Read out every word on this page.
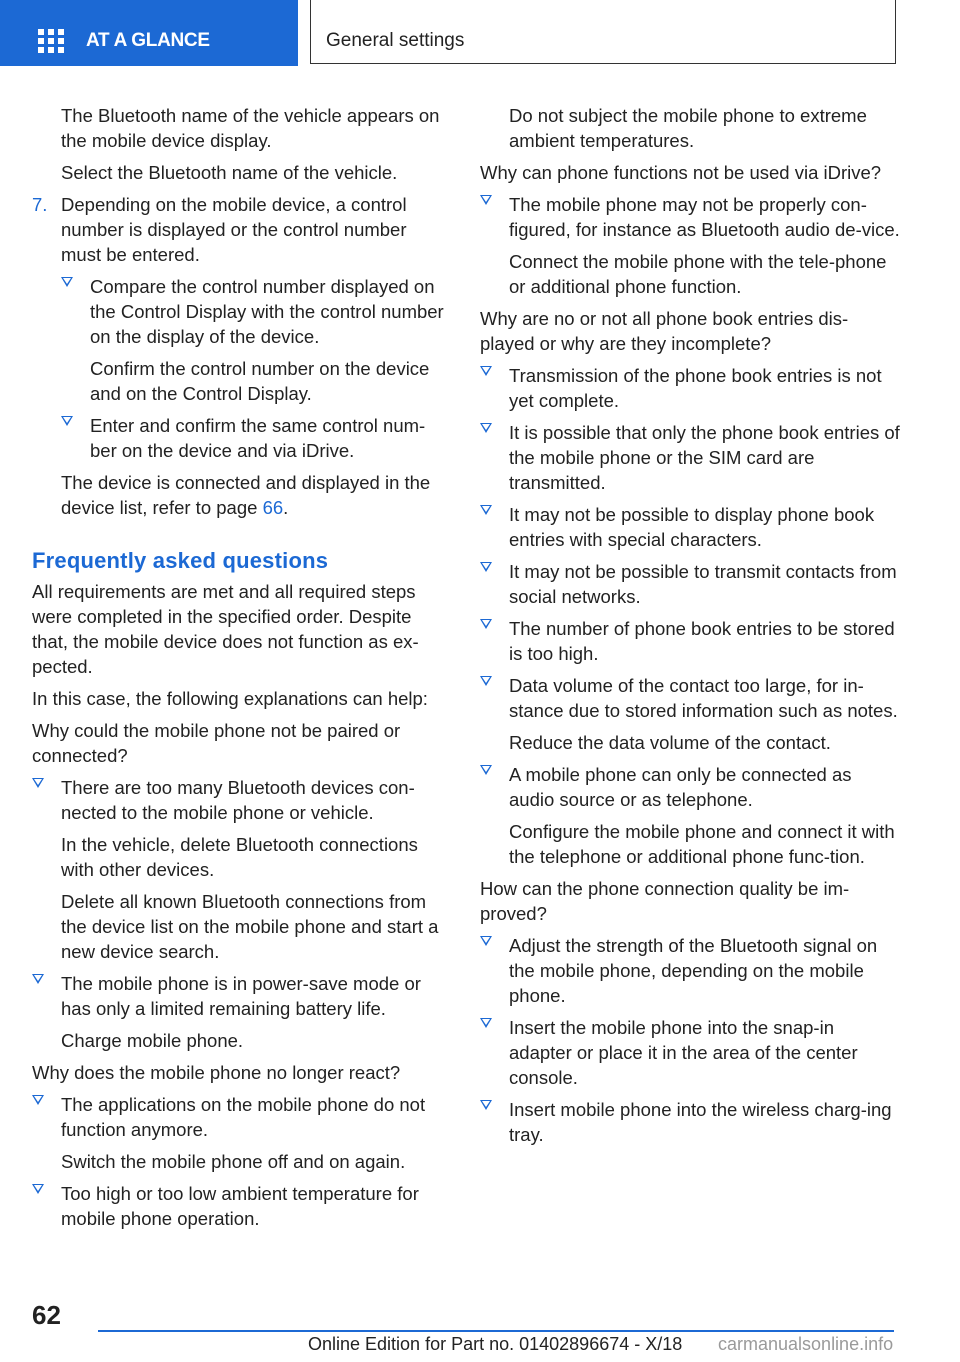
AT A GLANCE	General settings

The Bluetooth name of the vehicle appears on the mobile device display.

Select the Bluetooth name of the vehicle.

7. Depending on the mobile device, a control number is displayed or the control number must be entered.
Compare the control number displayed on the Control Display with the control number on the display of the device.

Confirm the control number on the device and on the Control Display.

Enter and confirm the same control num-ber on the device and via iDrive.

The device is connected and displayed in the device list, refer to page 66.

Frequently asked questions

All requirements are met and all required steps were completed in the specified order. Despite that, the mobile device does not function as ex-pected.

In this case, the following explanations can help:

Why could the mobile phone not be paired or connected?

There are too many Bluetooth devices con-nected to the mobile phone or vehicle.

In the vehicle, delete Bluetooth connections with other devices.

Delete all known Bluetooth connections from the device list on the mobile phone and start a new device search.

The mobile phone is in power-save mode or has only a limited remaining battery life.

Charge mobile phone.

Why does the mobile phone no longer react?

The applications on the mobile phone do not function anymore.

Switch the mobile phone off and on again.

Too high or too low ambient temperature for mobile phone operation.

Do not subject the mobile phone to extreme ambient temperatures.

Why can phone functions not be used via iDrive?

The mobile phone may not be properly con-figured, for instance as Bluetooth audio de-vice.

Connect the mobile phone with the tele-phone or additional phone function.

Why are no or not all phone book entries dis-played or why are they incomplete?

Transmission of the phone book entries is not yet complete.
It is possible that only the phone book entries of the mobile phone or the SIM card are transmitted.
It may not be possible to display phone book entries with special characters.
It may not be possible to transmit contacts from social networks.
The number of phone book entries to be stored is too high.
Data volume of the contact too large, for in-stance due to stored information such as notes.

Reduce the data volume of the contact.

A mobile phone can only be connected as audio source or as telephone.

Configure the mobile phone and connect it with the telephone or additional phone func-tion.

How can the phone connection quality be im-proved?

Adjust the strength of the Bluetooth signal on the mobile phone, depending on the mobile phone.
Insert the mobile phone into the snap-in adapter or place it in the area of the center console.
Insert mobile phone into the wireless charg-ing tray.
62
Online Edition for Part no. 01402896674 - X/18 carmanualsonline.info
